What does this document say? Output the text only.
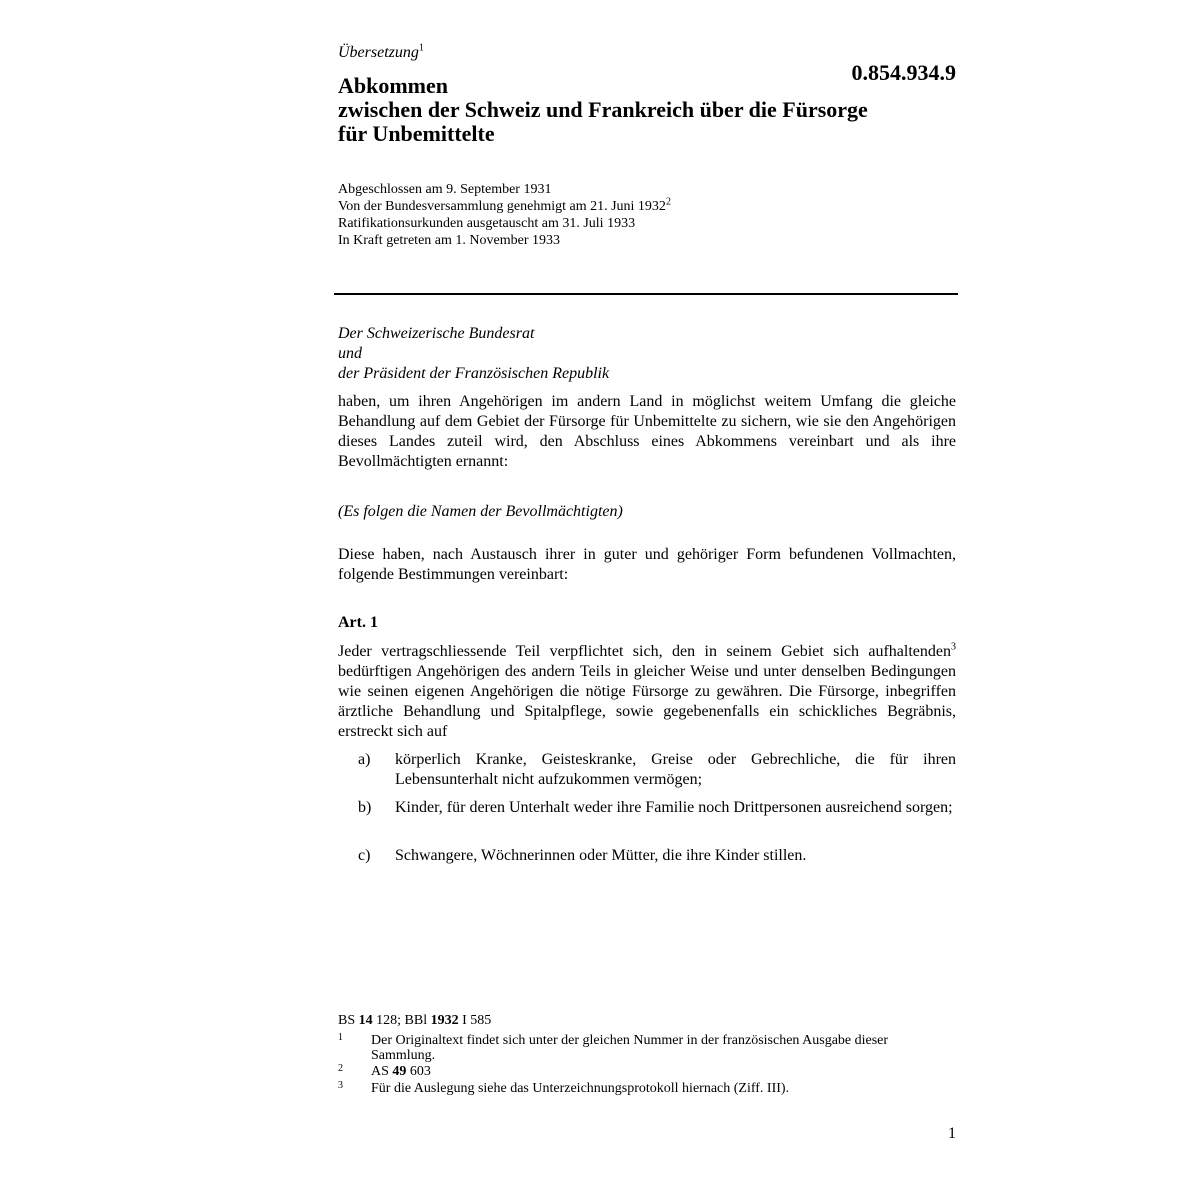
Übersetzung$^1$
0.854.934.9
Abkommen
zwischen der Schweiz und Frankreich über die Fürsorge
für Unbemittelte
Abgeschlossen am 9. September 1931
Von der Bundesversammlung genehmigt am 21. Juni 1932$^2$
Ratifikationsurkunden ausgetauscht am 31. Juli 1933
In Kraft getreten am 1. November 1933
Der Schweizerische Bundesrat
und
der Präsident der Französischen Republik

haben, um ihren Angehörigen im andern Land in möglichst weitem Umfang die gleiche Behandlung auf dem Gebiet der Fürsorge für Unbemittelte zu sichern, wie sie den Angehörigen dieses Landes zuteil wird, den Abschluss eines Abkommens vereinbart und als ihre Bevollmächtigten ernannt:

(Es folgen die Namen der Bevollmächtigten)

Diese haben, nach Austausch ihrer in guter und gehöriger Form befundenen Vollmachten, folgende Bestimmungen vereinbart:

Art. 1

Jeder vertragschliessende Teil verpflichtet sich, den in seinem Gebiet sich aufhaltenden$^3$ bedürftigen Angehörigen des andern Teils in gleicher Weise und unter denselben Bedingungen wie seinen eigenen Angehörigen die nötige Fürsorge zu gewähren. Die Fürsorge, inbegriffen ärztliche Behandlung und Spitalpflege, sowie gegebenenfalls ein schickliches Begräbnis, erstreckt sich auf

a) körperlich Kranke, Geisteskranke, Greise oder Gebrechliche, die für ihren Lebensunterhalt nicht aufzukommen vermögen;
b) Kinder, für deren Unterhalt weder ihre Familie noch Drittpersonen ausreichend sorgen;
c) Schwangere, Wöchnerinnen oder Mütter, die ihre Kinder stillen.
BS 14 128; BBl 1932 I 585
1 Der Originaltext findet sich unter der gleichen Nummer in der französischen Ausgabe dieser Sammlung.
2 AS 49 603
3 Für die Auslegung siehe das Unterzeichnungsprotokoll hiernach (Ziff. III).
1
